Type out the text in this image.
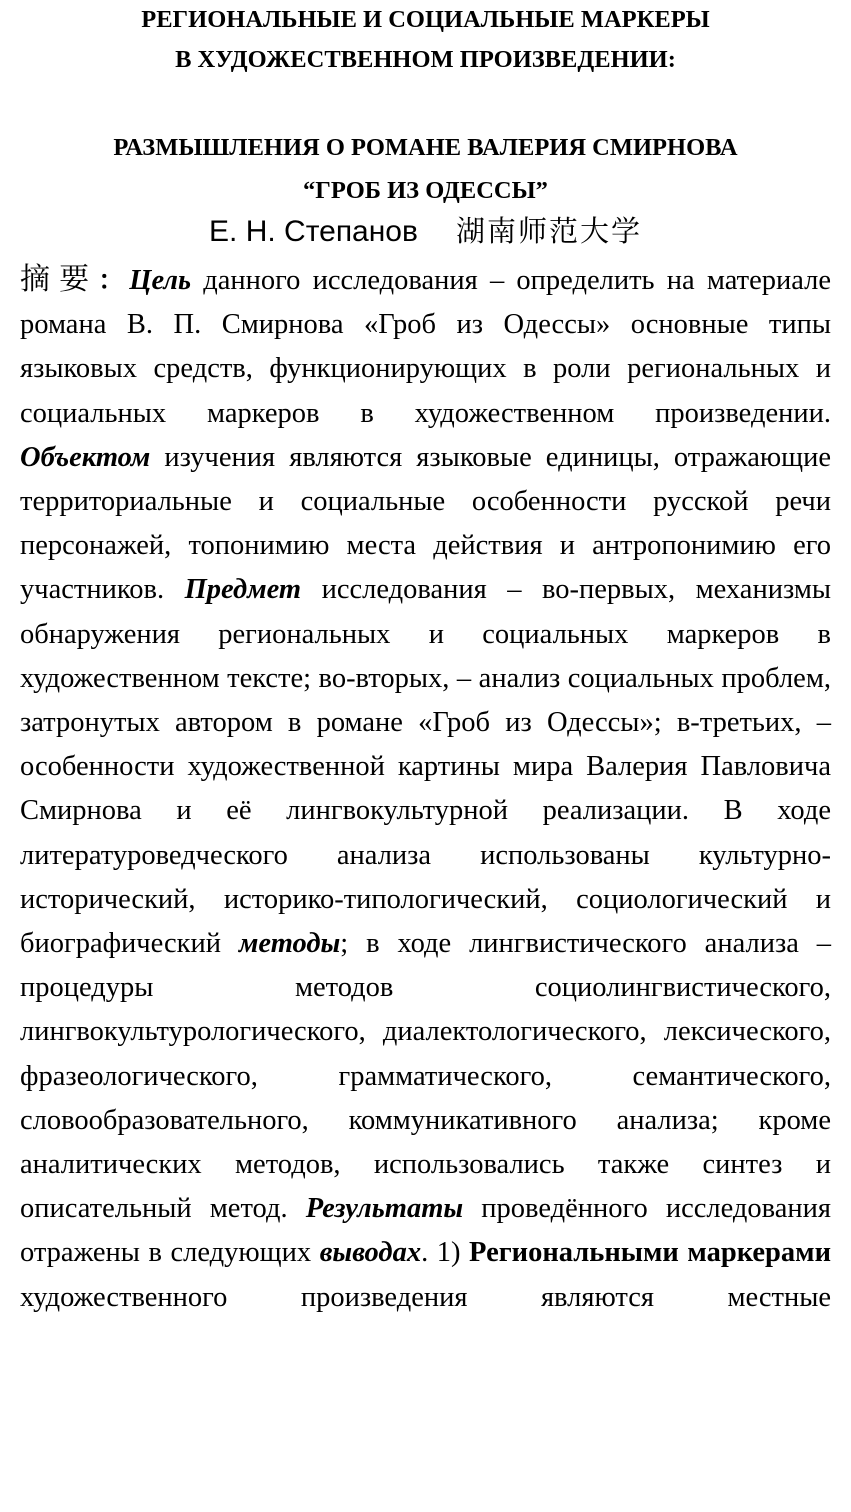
РЕГИОНАЛЬНЫЕ И СОЦИАЛЬНЫЕ МАРКЕРЫ
В ХУДОЖЕСТВЕННОМ ПРОИЗВЕДЕНИИ:
РАЗМЫШЛЕНИЯ О РОМАНЕ ВАЛЕРИЯ СМИРНОВА
“ГРОБ ИЗ ОДЕССЫ”
Е. Н. Степанов 湖南师范大学
摘要：Цель данного исследования – определить на материале романа В. П. Смирнова «Гроб из Одессы» основные типы языковых средств, функционирующих в роли региональных и социальных маркеров в художественном произведении. Объектом изучения являются языковые единицы, отражающие территориальные и социальные особенности русской речи персонажей, топонимию места действия и антропонимию его участников. Предмет исследования – во-первых, механизмы обнаружения региональных и социальных маркеров в художественном тексте; во-вторых, – анализ социальных проблем, затронутых автором в романе «Гроб из Одессы»; в-третьих, – особенности художественной картины мира Валерия Павловича Смирнова и её лингвокультурной реализации. В ходе литературоведческого анализа использованы культурно-исторический, историко-типологический, социологический и биографический методы; в ходе лингвистического анализа – процедуры методов социолингвистического, лингвокультурологического, диалектологического, лексического, фразеологического, грамматического, семантического, словообразовательного, коммуникативного анализа; кроме аналитических методов, использовались также синтез и описательный метод. Результаты проведённого исследования отражены в следующих выводах. 1) Региональными маркерами художественного произведения являются местные
